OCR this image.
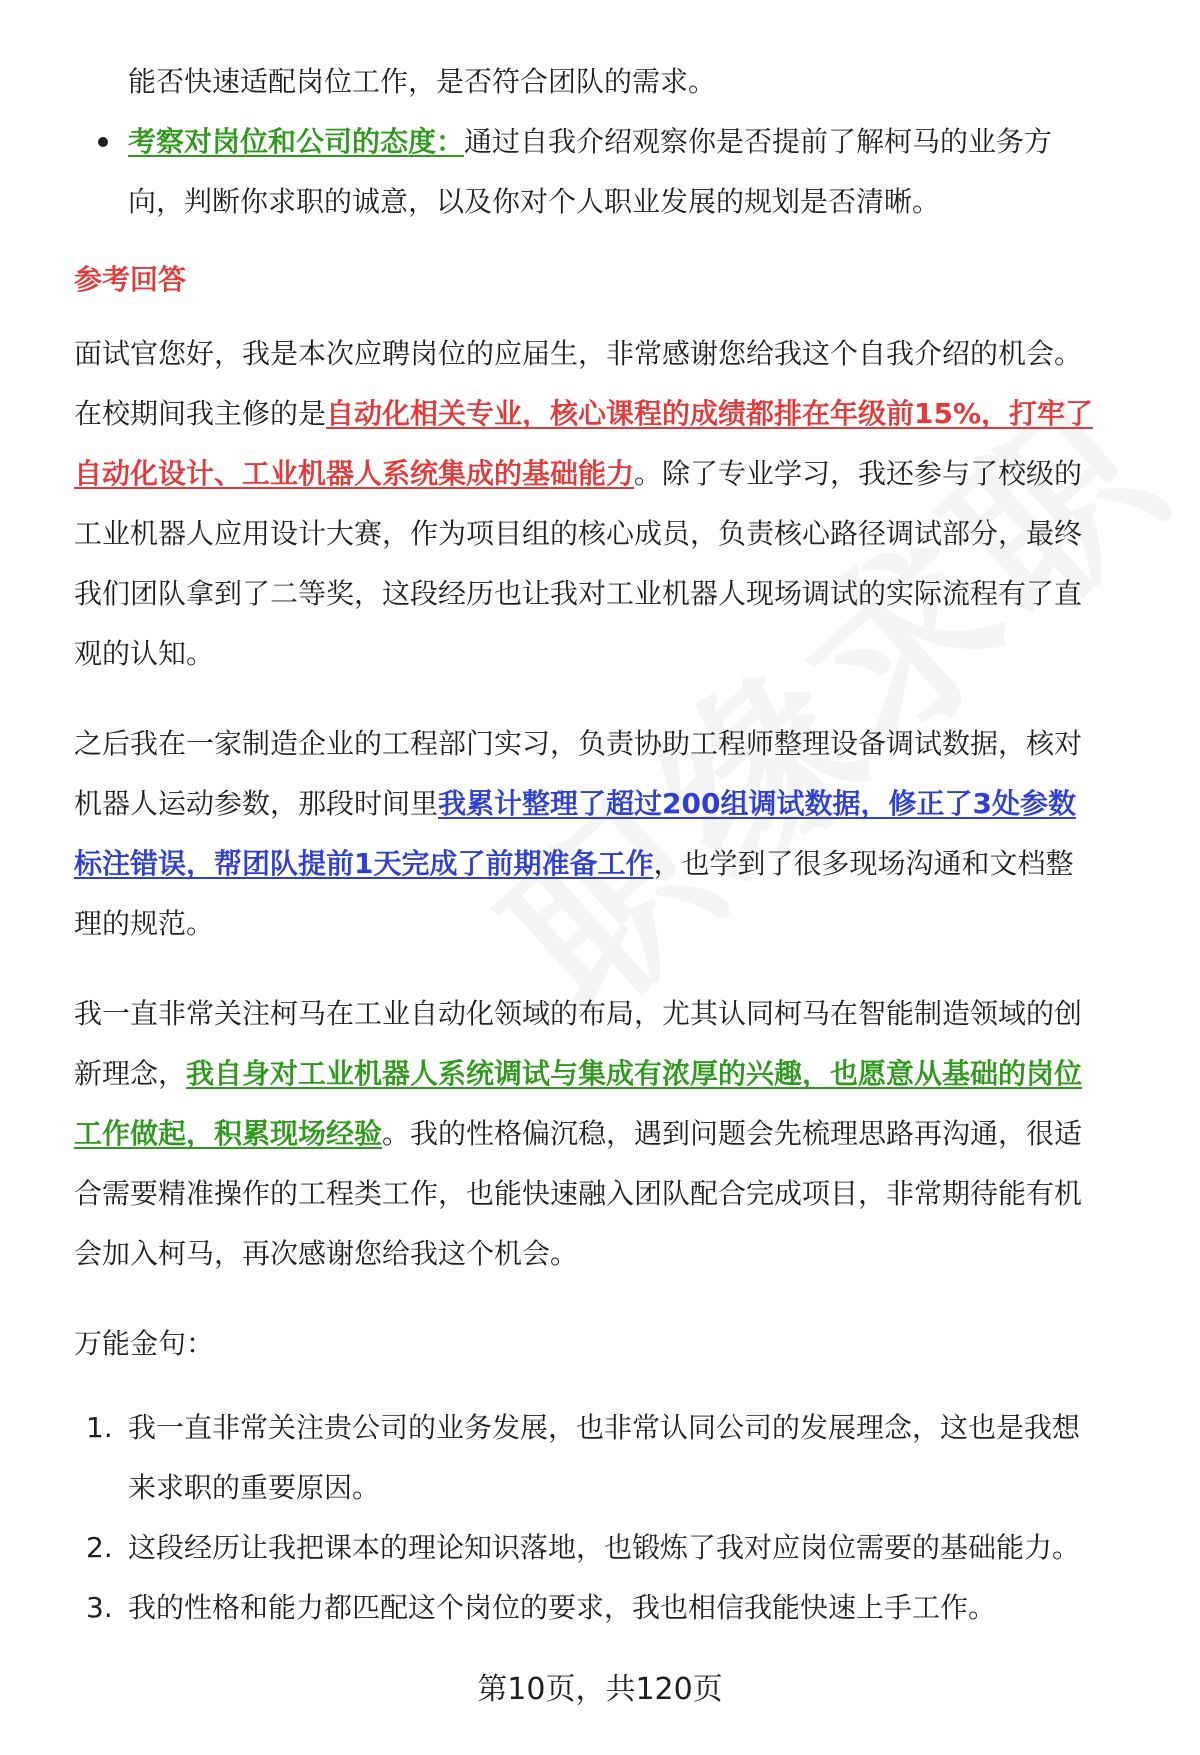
能否快速适配岗位工作，是否符合团队的需求。

考察对岗位和公司的态度：通过自我介绍观察你是否提前了解柯马的业务方
向，判断你求职的诚意，以及你对个人职业发展的规划是否清晰。
参考回答

面试官您好，我是本次应聘岗位的应届生，非常感谢您给我这个自我介绍的机会。
在校期间我主修的是自动化相关专业，核心课程的成绩都排在年级前15%，打牢了
自动化设计、工业机器人系统集成的基础能力。除了专业学习，我还参与了校级的
工业机器人应用设计大赛，作为项目组的核心成员，负责核心路径调试部分，最终
我们团队拿到了二等奖，这段经历也让我对工业机器人现场调试的实际流程有了直
观的认知。

之后我在一家制造企业的工程部门实习，负责协助工程师整理设备调试数据，核对
机器人运动参数，那段时间里我累计整理了超过200组调试数据，修正了3处参数
标注错误，帮团队提前1天完成了前期准备工作，也学到了很多现场沟通和文档整
理的规范。

我一直非常关注柯马在工业自动化领域的布局，尤其认同柯马在智能制造领域的创
新理念，我自身对工业机器人系统调试与集成有浓厚的兴趣，也愿意从基础的岗位
工作做起，积累现场经验。我的性格偏沉稳，遇到问题会先梳理思路再沟通，很适
合需要精准操作的工程类工作，也能快速融入团队配合完成项目，非常期待能有机
会加入柯马，再次感谢您给我这个机会。

万能金句：

1. 我一直非常关注贵公司的业务发展，也非常认同公司的发展理念，这也是我想
来求职的重要原因。
2. 这段经历让我把课本的理论知识落地，也锻炼了我对应岗位需要的基础能力。
3. 我的性格和能力都匹配这个岗位的要求，我也相信我能快速上手工作。
第10页，共120页
